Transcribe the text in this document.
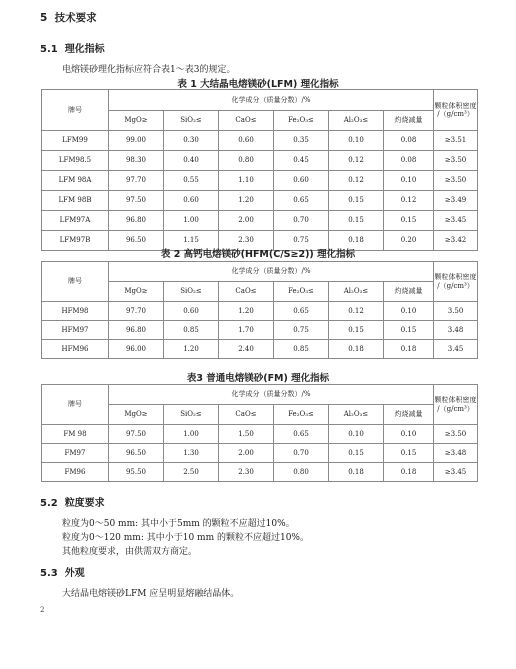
5 技术要求
5.1 理化指标
电熔镁砂理化指标应符合表1～表3的规定。
表 1 大结晶电熔镁砂(LFM) 理化指标
牌号	化学成分（质量分数）/%						颗粒体积密度
/（g/cm³）
	MgO≥	SiO₂≤	CaO≤	Fe₂O₃≤	Al₂O₃≤	灼烧减量	
LFM99	99.00	0.30	0.60	0.35	0.10	0.08	≥3.51
LFM98.5	98.30	0.40	0.80	0.45	0.12	0.08	≥3.50
LFM 98A	97.70	0.55	1.10	0.60	0.12	0.10	≥3.50
LFM 98B	97.50	0.60	1.20	0.65	0.15	0.12	≥3.49
LFM97A	96.80	1.00	2.00	0.70	0.15	0.15	≥3.45
LFM97B	96.50	1.15	2.30	0.75	0.18	0.20	≥3.42
表 2 高钙电熔镁砂(HFM(C/S≥2)) 理化指标
牌号	化学成分（质量分数）/%						颗粒体积密度
/（g/cm³）
	MgO≥	SiO₂≤	CaO≤	Fe₂O₃≤	Al₂O₃≤	灼烧减量	
HFM98	97.70	0.60	1.20	0.65	0.12	0.10	3.50
HFM97	96.80	0.85	1.70	0.75	0.15	0.15	3.48
HFM96	96.00	1.20	2.40	0.85	0.18	0.18	3.45
表3 普通电熔镁砂(FM) 理化指标
牌号	化学成分（质量分数）/%						颗粒体积密度
/（g/cm³）
	MgO≥	SiO₂≤	CaO≤	Fe₂O₃≤	Al₂O₃≤	灼烧减量	
FM 98	97.50	1.00	1.50	0.65	0.10	0.10	≥3.50
FM97	96.50	1.30	2.00	0.70	0.15	0.15	≥3.48
FM96	95.50	2.50	2.30	0.80	0.18	0.18	≥3.45
5.2 粒度要求
粒度为0～50 mm: 其中小于5mm 的颗粒不应超过10%。
粒度为0～120 mm: 其中小于10 mm 的颗粒不应超过10%。
其他粒度要求，由供需双方商定。
5.3 外观
大结晶电熔镁砂LFM 应呈明显熔融结晶体。
2
